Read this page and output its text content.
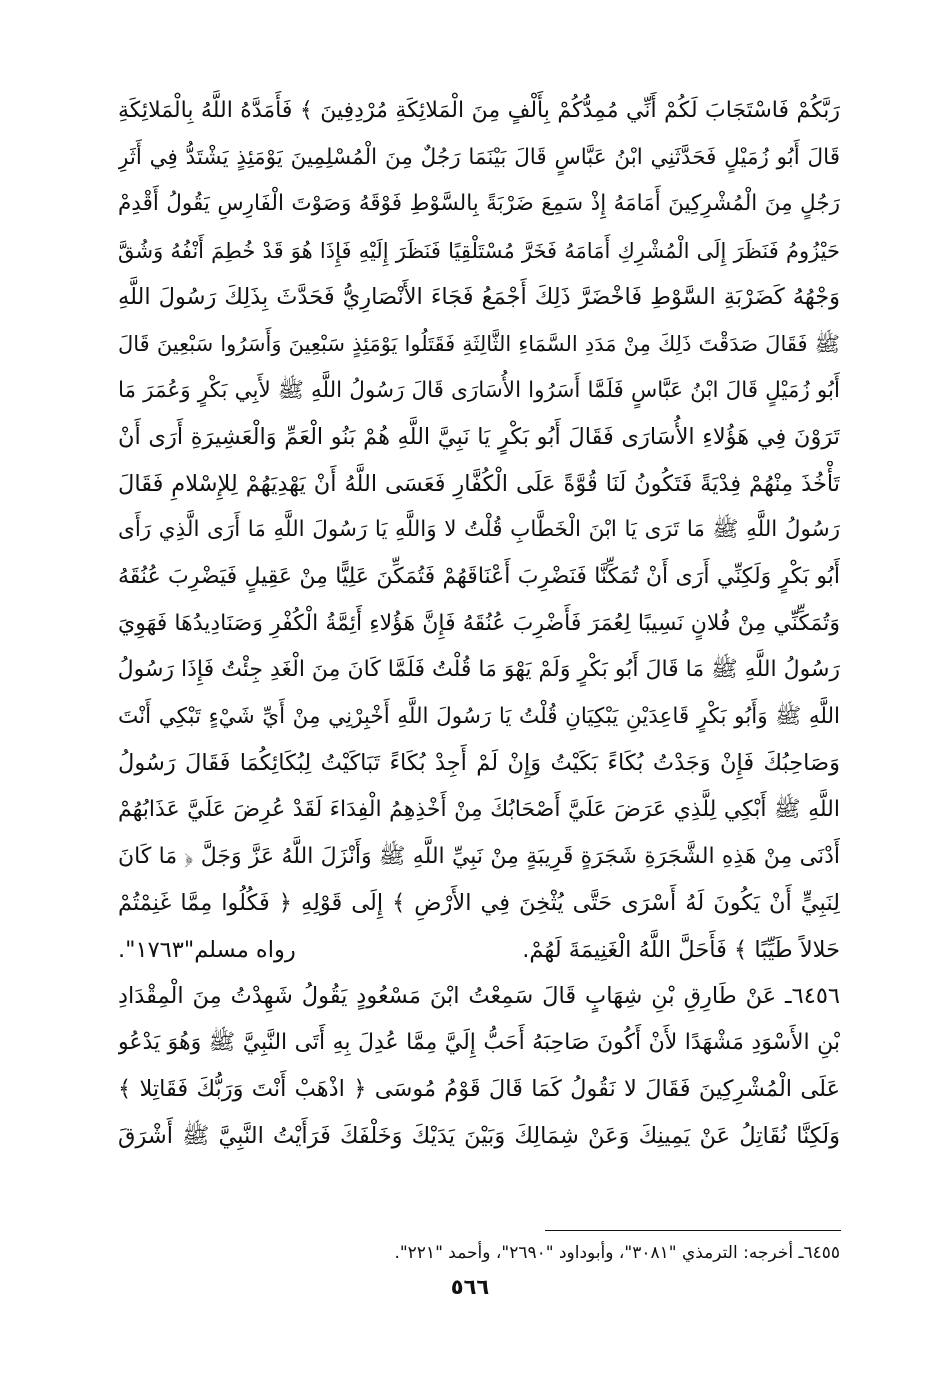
رَبَّكُمْ فَاسْتَجَابَ لَكُمْ أَنِّي مُمِدُّكُمْ بِأَلْفٍ مِنَ الْمَلائِكَةِ مُرْدِفِينَ ﴾ فَأَمَدَّهُ اللَّهُ بِالْمَلائِكَةِ
قَالَ أَبُو زُمَيْلٍ فَحَدَّثَنِي ابْنُ عَبَّاسٍ قَالَ بَيْنَمَا رَجُلٌ مِنَ الْمُسْلِمِينَ يَوْمَئِذٍ يَشْتَدُّ فِي أَثَرِ
رَجُلٍ مِنَ الْمُشْرِكِينَ أَمَامَهُ إِذْ سَمِعَ ضَرْبَةً بِالسَّوْطِ فَوْقَهُ وَصَوْتَ الْفَارِسِ يَقُولُ أَقْدِمْ
حَيْزُومُ فَنَظَرَ إِلَى الْمُشْرِكِ أَمَامَهُ فَخَرَّ مُسْتَلْقِيًا فَنَظَرَ إِلَيْهِ فَإِذَا هُوَ قَدْ خُطِمَ أَنْفُهُ وَشُقَّ
وَجْهُهُ كَضَرْبَةِ السَّوْطِ فَاخْضَرَّ ذَلِكَ أَجْمَعُ فَجَاءَ الأَنْصَارِيُّ فَحَدَّثَ بِذَلِكَ رَسُولَ اللَّهِ
ﷺ فَقَالَ صَدَقْتَ ذَلِكَ مِنْ مَدَدِ السَّمَاءِ الثَّالِثَةِ فَقَتَلُوا يَوْمَئِذٍ سَبْعِينَ وَأَسَرُوا سَبْعِينَ قَالَ
أَبُو زُمَيْلٍ قَالَ ابْنُ عَبَّاسٍ فَلَمَّا أَسَرُوا الأُسَارَى قَالَ رَسُولُ اللَّهِ ﷺ لأَبِي بَكْرٍ وَعُمَرَ مَا
تَرَوْنَ فِي هَؤُلاءِ الأُسَارَى فَقَالَ أَبُو بَكْرٍ يَا نَبِيَّ اللَّهِ هُمْ بَنُو الْعَمِّ وَالْعَشِيرَةِ أَرَى أَنْ
تَأْخُذَ مِنْهُمْ فِدْيَةً فَتَكُونُ لَنَا قُوَّةً عَلَى الْكُفَّارِ فَعَسَى اللَّهُ أَنْ يَهْدِيَهُمْ لِلإِسْلامِ فَقَالَ
رَسُولُ اللَّهِ ﷺ مَا تَرَى يَا ابْنَ الْخَطَّابِ قُلْتُ لا وَاللَّهِ يَا رَسُولَ اللَّهِ مَا أَرَى الَّذِي رَأَى
أَبُو بَكْرٍ وَلَكِنِّي أَرَى أَنْ تُمَكِّنَّا فَنَضْرِبَ أَعْنَاقَهُمْ فَتُمَكِّنَ عَلِيًّا مِنْ عَقِيلٍ فَيَضْرِبَ عُنُقَهُ
وَتُمَكِّنِّي مِنْ فُلانٍ نَسِيبًا لِعُمَرَ فَأَضْرِبَ عُنُقَهُ فَإِنَّ هَؤُلاءِ أَئِمَّةُ الْكُفْرِ وَصَنَادِيدُهَا فَهَوِيَ
رَسُولُ اللَّهِ ﷺ مَا قَالَ أَبُو بَكْرٍ وَلَمْ يَهْوَ مَا قُلْتُ فَلَمَّا كَانَ مِنَ الْغَدِ جِئْتُ فَإِذَا رَسُولُ
اللَّهِ ﷺ وَأَبُو بَكْرٍ قَاعِدَيْنِ يَبْكِيَانِ قُلْتُ يَا رَسُولَ اللَّهِ أَخْبِرْنِي مِنْ أَيِّ شَيْءٍ تَبْكِي أَنْتَ
وَصَاحِبُكَ فَإِنْ وَجَدْتُ بُكَاءً بَكَيْتُ وَإِنْ لَمْ أَجِدْ بُكَاءً تَبَاكَيْتُ لِبُكَائِكُمَا فَقَالَ رَسُولُ
اللَّهِ ﷺ أَبْكِي لِلَّذِي عَرَضَ عَلَيَّ أَصْحَابُكَ مِنْ أَخْذِهِمُ الْفِدَاءَ لَقَدْ عُرِضَ عَلَيَّ عَذَابُهُمْ
أَدْنَى مِنْ هَذِهِ الشَّجَرَةِ شَجَرَةٍ قَرِيبَةٍ مِنْ نَبِيِّ اللَّهِ ﷺ وَأَنْزَلَ اللَّهُ عَزَّ وَجَلَّ ﴿ مَا كَانَ
لِنَبِيٍّ أَنْ يَكُونَ لَهُ أَسْرَى حَتَّى يُثْخِنَ فِي الأَرْضِ ﴾ إِلَى قَوْلِهِ ﴿ فَكُلُوا مِمَّا غَنِمْتُمْ
حَلالاً طَيِّبًا ﴾ فَأَحَلَّ اللَّهُ الْغَنِيمَةَ لَهُمْ.
رواه مسلم"١٧٦٣".
٦٤٥٦ـ عَنْ طَارِقِ بْنِ شِهَابٍ قَالَ سَمِعْتُ ابْنَ مَسْعُودٍ يَقُولُ شَهِدْتُ مِنَ الْمِقْدَادِ
بْنِ الأَسْوَدِ مَشْهَدًا لأَنْ أَكُونَ صَاحِبَهُ أَحَبُّ إِلَيَّ مِمَّا عُدِلَ بِهِ أَتَى النَّبِيَّ ﷺ وَهُوَ يَدْعُو
عَلَى الْمُشْرِكِينَ فَقَالَ لا نَقُولُ كَمَا قَالَ قَوْمُ مُوسَى ﴿ اذْهَبْ أَنْتَ وَرَبُّكَ فَقَاتِلا ﴾
وَلَكِنَّا نُقَاتِلُ عَنْ يَمِينِكَ وَعَنْ شِمَالِكَ وَبَيْنَ يَدَيْكَ وَخَلْفَكَ فَرَأَيْتُ النَّبِيَّ ﷺ أَشْرَقَ
٦٤٥٥ـ أخرجه: الترمذي "٣٠٨١"، وأبوداود "٢٦٩٠"، وأحمد "٢٢١".
٥٦٦
